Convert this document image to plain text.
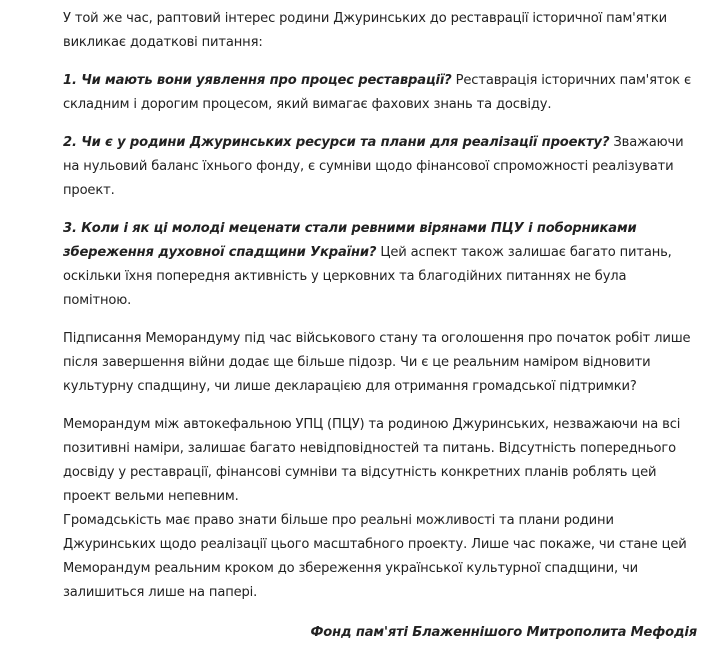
У той же час, раптовий інтерес родини Джуринських до реставрації історичної пам'ятки викликає додаткові питання:

1. Чи мають вони уявлення про процес реставрації? Реставрація історичних пам'яток є складним і дорогим процесом, який вимагає фахових знань та досвіду.

2. Чи є у родини Джуринських ресурси та плани для реалізації проекту? Зважаючи на нульовий баланс їхнього фонду, є сумніви щодо фінансової спроможності реалізувати проект.

3. Коли і як ці молоді меценати стали ревними вірянами ПЦУ і поборниками збереження духовної спадщини України? Цей аспект також залишає багато питань, оскільки їхня попередня активність у церковних та благодійних питаннях не була помітною.

Підписання Меморандуму під час військового стану та оголошення про початок робіт лише після завершення війни додає ще більше підозр. Чи є це реальним наміром відновити культурну спадщину, чи лише декларацією для отримання громадської підтримки?

Меморандум між автокефальною УПЦ (ПЦУ) та родиною Джуринських, незважаючи на всі позитивні наміри, залишає багато невідповідностей та питань. Відсутність попереднього досвіду у реставрації, фінансові сумніви та відсутність конкретних планів роблять цей проект вельми непевним.

Громадськість має право знати більше про реальні можливості та плани родини Джуринських щодо реалізації цього масштабного проекту. Лише час покаже, чи стане цей Меморандум реальним кроком до збереження української культурної спадщини, чи залишиться лише на папері.

Фонд пам'яті Блаженнішого Митрополита Мефодія
